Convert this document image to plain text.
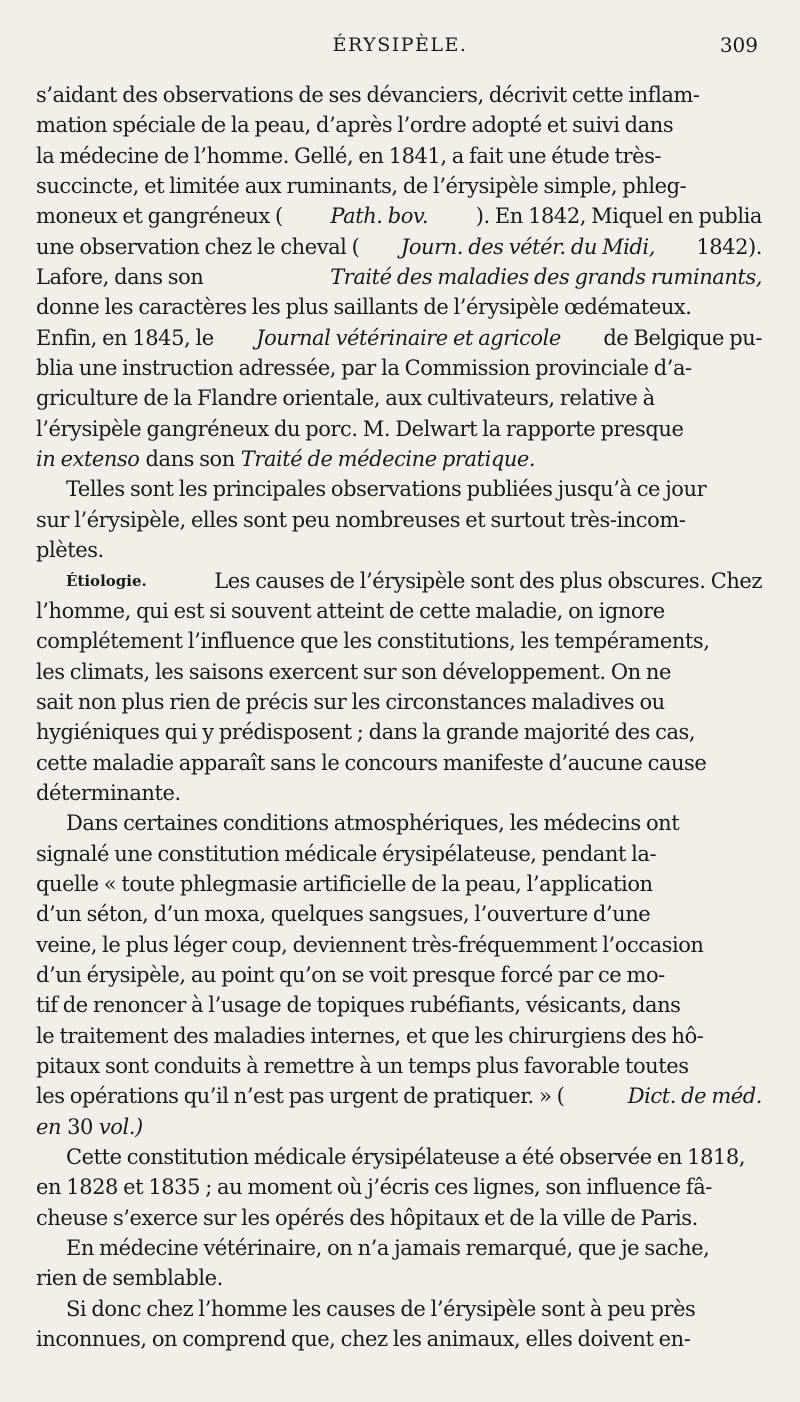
ÉRYSIPÈLE.	309
s’aidant des observations de ses dévanciers, décrivit cette inflam-
mation spéciale de la peau, d’après l’ordre adopté et suivi dans
la médecine de l’homme. Gellé, en 1841, a fait une étude très-
succincte, et limitée aux ruminants, de l’érysipèle simple, phleg-
moneux et gangréneux ( Path. bov. ). En 1842, Miquel en publia
une observation chez le cheval ( Journ. des vétér. du Midi, 1842).
Lafore, dans son	Traité des maladies des grands ruminants,
donne les caractères les plus saillants de l’érysipèle œdémateux.
Enfin, en 1845, le Journal vétérinaire et agricole de Belgique pu-
blia une instruction adressée, par la Commission provinciale d’a-
griculture de la Flandre orientale, aux cultivateurs, relative à
l’érysipèle gangréneux du porc. M. Delwart la rapporte presque
in extenso dans son Traité de médecine pratique.
Telles sont les principales observations publiées jusqu’à ce jour
sur l’érysipèle, elles sont peu nombreuses et surtout très-incom-
plètes.
Étiologie.	Les causes de l’érysipèle sont des plus obscures. Chez
l’homme, qui est si souvent atteint de cette maladie, on ignore
complétement l’influence que les constitutions, les tempéraments,
les climats, les saisons exercent sur son développement. On ne
sait non plus rien de précis sur les circonstances maladives ou
hygiéniques qui y prédisposent ; dans la grande majorité des cas,
cette maladie apparaît sans le concours manifeste d’aucune cause
déterminante.
Dans certaines conditions atmosphériques, les médecins ont
signalé une constitution médicale érysipélateuse, pendant la-
quelle « toute phlegmasie artificielle de la peau, l’application
d’un séton, d’un moxa, quelques sangsues, l’ouverture d’une
veine, le plus léger coup, deviennent très-fréquemment l’occasion
d’un érysipèle, au point qu’on se voit presque forcé par ce mo-
tif de renoncer à l’usage de topiques rubéfiants, vésicants, dans
le traitement des maladies internes, et que les chirurgiens des hô-
pitaux sont conduits à remettre à un temps plus favorable toutes
les opérations qu’il n’est pas urgent de pratiquer. » (	Dict. de méd.
en 30 vol.)
Cette constitution médicale érysipélateuse a été observée en 1818,
en 1828 et 1835 ; au moment où j’écris ces lignes, son influence fâ-
cheuse s’exerce sur les opérés des hôpitaux et de la ville de Paris.
En médecine vétérinaire, on n’a jamais remarqué, que je sache,
rien de semblable.
Si donc chez l’homme les causes de l’érysipèle sont à peu près
inconnues, on comprend que, chez les animaux, elles doivent en-
